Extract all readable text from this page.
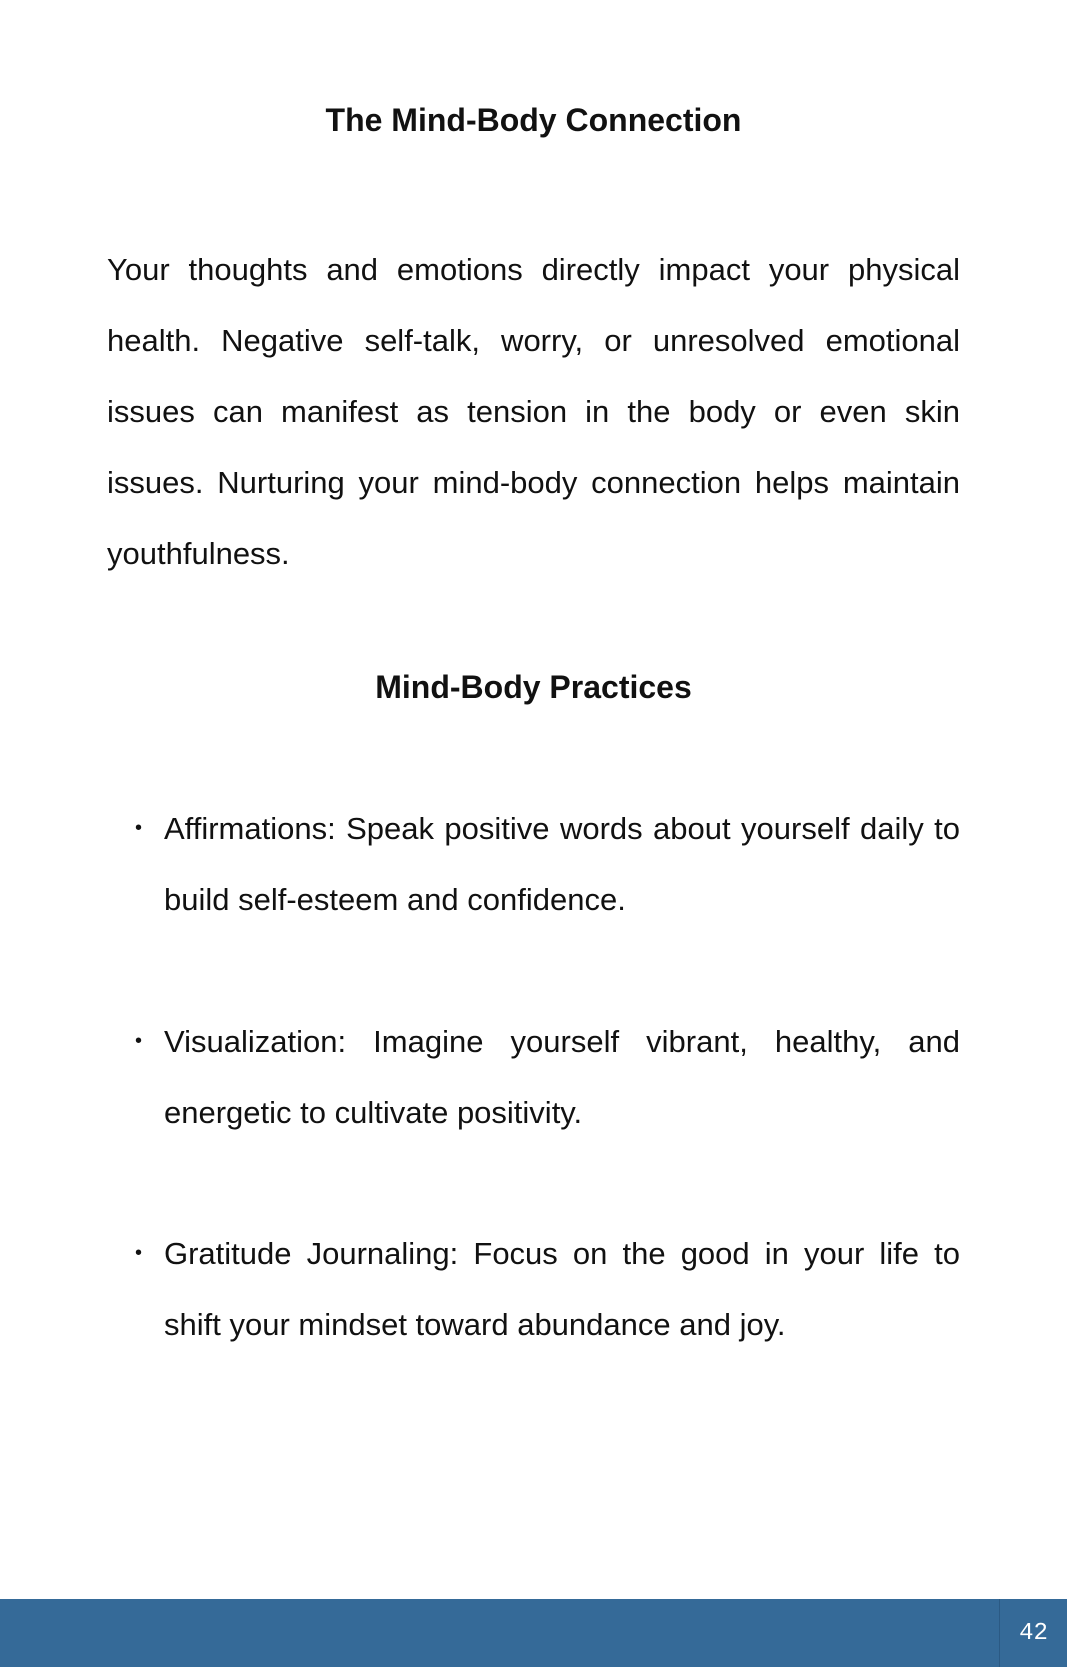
The Mind-Body Connection

Your thoughts and emotions directly impact your physical health. Negative self-talk, worry, or unresolved emotional issues can manifest as tension in the body or even skin issues. Nurturing your mind-body connection helps maintain youthfulness.

Mind-Body Practices
• Affirmations: Speak positive words about yourself daily to build self-esteem and confidence.

• Visualization: Imagine yourself vibrant, healthy, and energetic to cultivate positivity.

• Gratitude Journaling: Focus on the good in your life to shift your mindset toward abundance and joy.

42
